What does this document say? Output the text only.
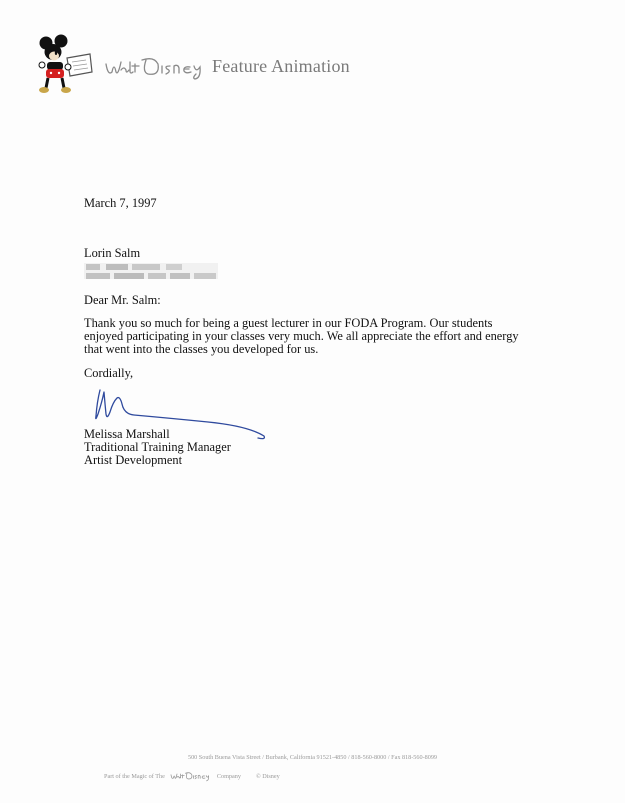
Feature Animation
March 7, 1997
Lorin Salm
Dear Mr. Salm:
Thank you so much for being a guest lecturer in our FODA Program. Our students
enjoyed participating in your classes very much. We all appreciate the effort and energy
that went into the classes you developed for us.
Cordially,
Melissa Marshall
Traditional Training Manager
Artist Development
500 South Buena Vista Street / Burbank, California 91521-4850 / 818-560-8000 / Fax 818-560-8099
Part of the Magic of The	Company © Disney
